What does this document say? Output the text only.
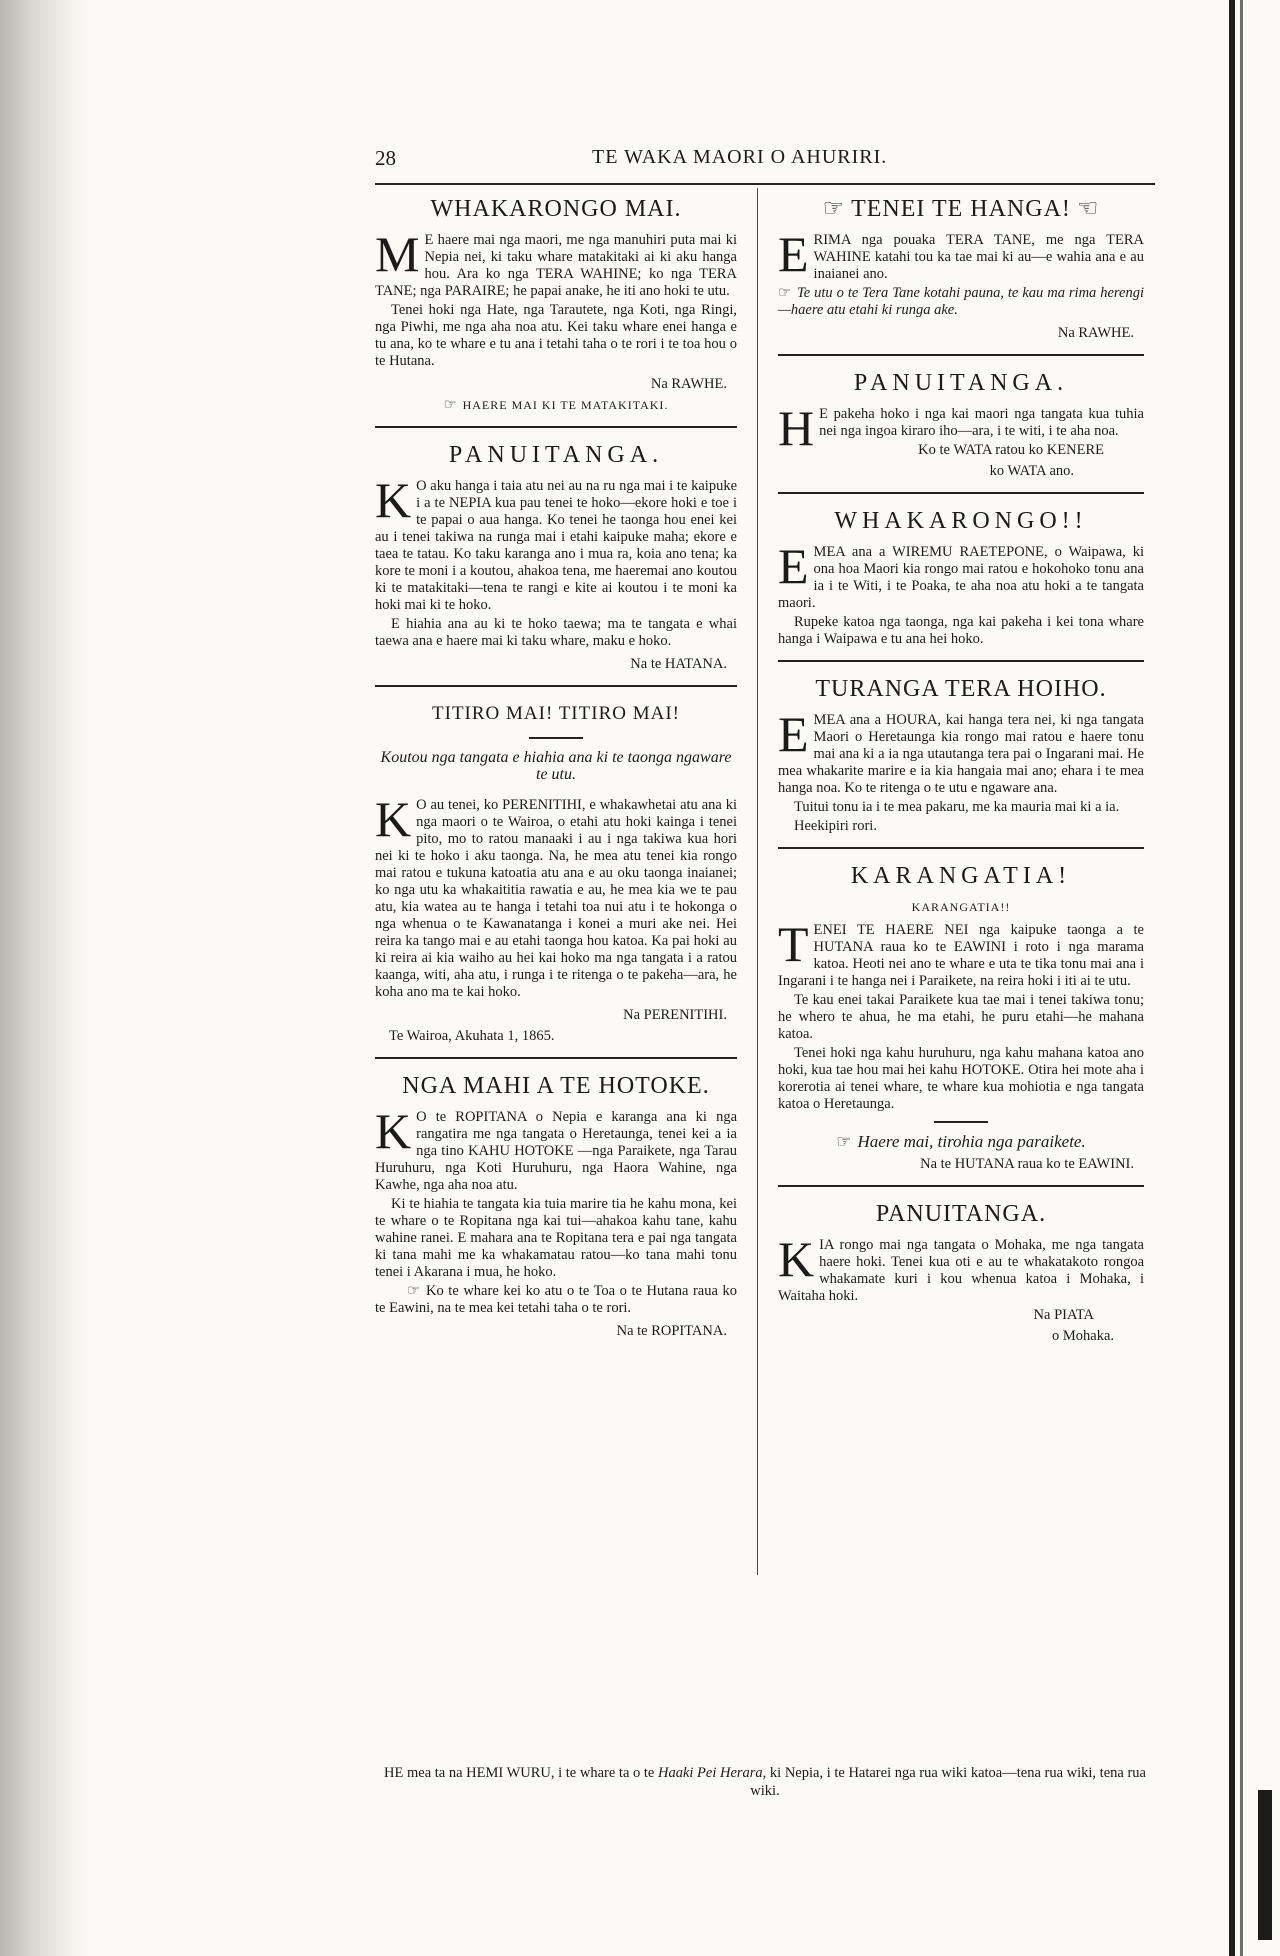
28	TE WAKA MAORI O AHURIRI.
WHAKARONGO MAI.

M E haere mai nga maori, me nga manuhiri puta mai ki Nepia nei, ki taku whare matakitaki ai ki aku hanga hou. Ara ko nga TERA WAHINE; ko nga TERA TANE; nga PARAIRE; he papai anake, he iti ano hoki te utu.

Tenei hoki nga Hate, nga Tarautete, nga Koti, nga Ringi, nga Piwhi, me nga aha noa atu. Kei taku whare enei hanga e tu ana, ko te whare e tu ana i tetahi taha o te rori i te toa hou o te Hutana.

Na RAWHE.

☞ HAERE MAI KI TE MATAKITAKI.

PANUITANGA.

K O aku hanga i taia atu nei au na ru nga mai i te kaipuke i a te NEPIA kua pau tenei te hoko—ekore hoki e toe i te papai o aua hanga. Ko tenei he taonga hou enei kei au i tenei takiwa na runga mai i etahi kaipuke maha; ekore e taea te tatau. Ko taku karanga ano i mua ra, koia ano tena; ka kore te moni i a koutou, ahakoa tena, me haeremai ano koutou ki te matakitaki—tena te rangi e kite ai koutou i te moni ka hoki mai ki te hoko.

E hiahia ana au ki te hoko taewa; ma te tangata e whai taewa ana e haere mai ki taku whare, maku e hoko.

Na te HATANA.
TITIRO MAI! TITIRO MAI!
Koutou nga tangata e hiahia ana ki te taonga ngaware te utu.

K O au tenei, ko PERENITIHI, e whakawhetai atu ana ki nga maori o te Wairoa, o etahi atu hoki kainga i tenei pito, mo to ratou manaaki i au i nga takiwa kua hori nei ki te hoko i aku taonga. Na, he mea atu tenei kia rongo mai ratou e tukuna katoatia atu ana e au oku taonga inaianei; ko nga utu ka whakaititia rawatia e au, he mea kia we te pau atu, kia watea au te hanga i tetahi toa nui atu i te hokonga o nga whenua o te Kawanatanga i konei a muri ake nei. Hei reira ka tango mai e au etahi taonga hou katoa. Ka pai hoki au ki reira ai kia waiho au hei kai hoko ma nga tangata i a ratou kaanga, witi, aha atu, i runga i te ritenga o te pakeha—ara, he koha ano ma te kai hoko.

Na PERENITIHI.

Te Wairoa, Akuhata 1, 1865.

NGA MAHI A TE HOTOKE.

K O te ROPITANA o Nepia e karanga ana ki nga rangatira me nga tangata o Heretaunga, tenei kei a ia nga tino KAHU HOTOKE —nga Paraikete, nga Tarau Huruhuru, nga Koti Huruhuru, nga Haora Wahine, nga Kawhe, nga aha noa atu.

Ki te hiahia te tangata kia tuia marire tia he kahu mona, kei te whare o te Ropitana nga kai tui—ahakoa kahu tane, kahu wahine ranei. E mahara ana te Ropitana tera e pai nga tangata ki tana mahi me ka whakamatau ratou—ko tana mahi tonu tenei i Akarana i mua, he hoko.

☞ Ko te whare kei ko atu o te Toa o te Hutana raua ko te Eawini, na te mea kei tetahi taha o te rori.

Na te ROPITANA.
☞ TENEI TE HANGA! ☜

ERIMA nga pouaka TERA TANE, me nga TERA WAHINE katahi tou ka tae mai ki au—e wahia ana e au inaianei ano.

☞ Te utu o te Tera Tane kotahi pauna, te kau ma rima herengi—haere atu etahi ki runga ake.

Na RAWHE.
PANUITANGA.

H E pakeha hoko i nga kai maori nga tangata kua tuhia nei nga ingoa kiraro iho—ara, i te witi, i te aha noa.

Ko te WATA ratou ko KENERE
ko WATA ano.
WHAKARONGO!!

EMEA ana a WIREMU RAETEPONE, o Waipawa, ki ona hoa Maori kia rongo mai ratou e hokohoko tonu ana ia i te Witi, i te Poaka, te aha noa atu hoki a te tangata maori.

Rupeke katoa nga taonga, nga kai pakeha i kei tona whare hanga i Waipawa e tu ana hei hoko.

TURANGA TERA HOIHO.

EMEA ana a HOURA, kai hanga tera nei, ki nga tangata Maori o Heretaunga kia rongo mai ratou e haere tonu mai ana ki a ia nga utautanga tera pai o Ingarani mai. He mea whakarite marire e ia kia hangaia mai ano; ehara i te mea hanga noa. Ko te ritenga o te utu e ngaware ana.

Tuitui tonu ia i te mea pakaru, me ka mauria mai ki a ia.

Heekipiri rori.

KARANGATIA!
KARANGATIA!!

TENEI TE HAERE NEI nga kaipuke taonga a te HUTANA raua ko te EAWINI i roto i nga marama katoa. Heoti nei ano te whare e uta te tika tonu mai ana i Ingarani i te hanga nei i Paraikete, na reira hoki i iti ai te utu.

Te kau enei takai Paraikete kua tae mai i tenei takiwa tonu; he whero te ahua, he ma etahi, he puru etahi—he mahana katoa.

Tenei hoki nga kahu huruhuru, nga kahu mahana katoa ano hoki, kua tae hou mai hei kahu HOTOKE. Otira hei mote aha i korerotia ai tenei whare, te whare kua mohiotia e nga tangata katoa o Heretaunga.

☞ Haere mai, tirohia nga paraikete.
Na te HUTANA raua ko te EAWINI.
PANUITANGA.

KIA rongo mai nga tangata o Mohaka, me nga tangata haere hoki. Tenei kua oti e au te whakatakoto rongoa whakamate kuri i kou whenua katoa i Mohaka, i Waitaha hoki.

Na PIATA
o Mohaka.
HE mea ta na HEMI WURU, i te whare ta o te Haaki Pei Herara, ki Nepia, i te Hatarei nga rua wiki katoa—tena rua wiki, tena rua wiki.
